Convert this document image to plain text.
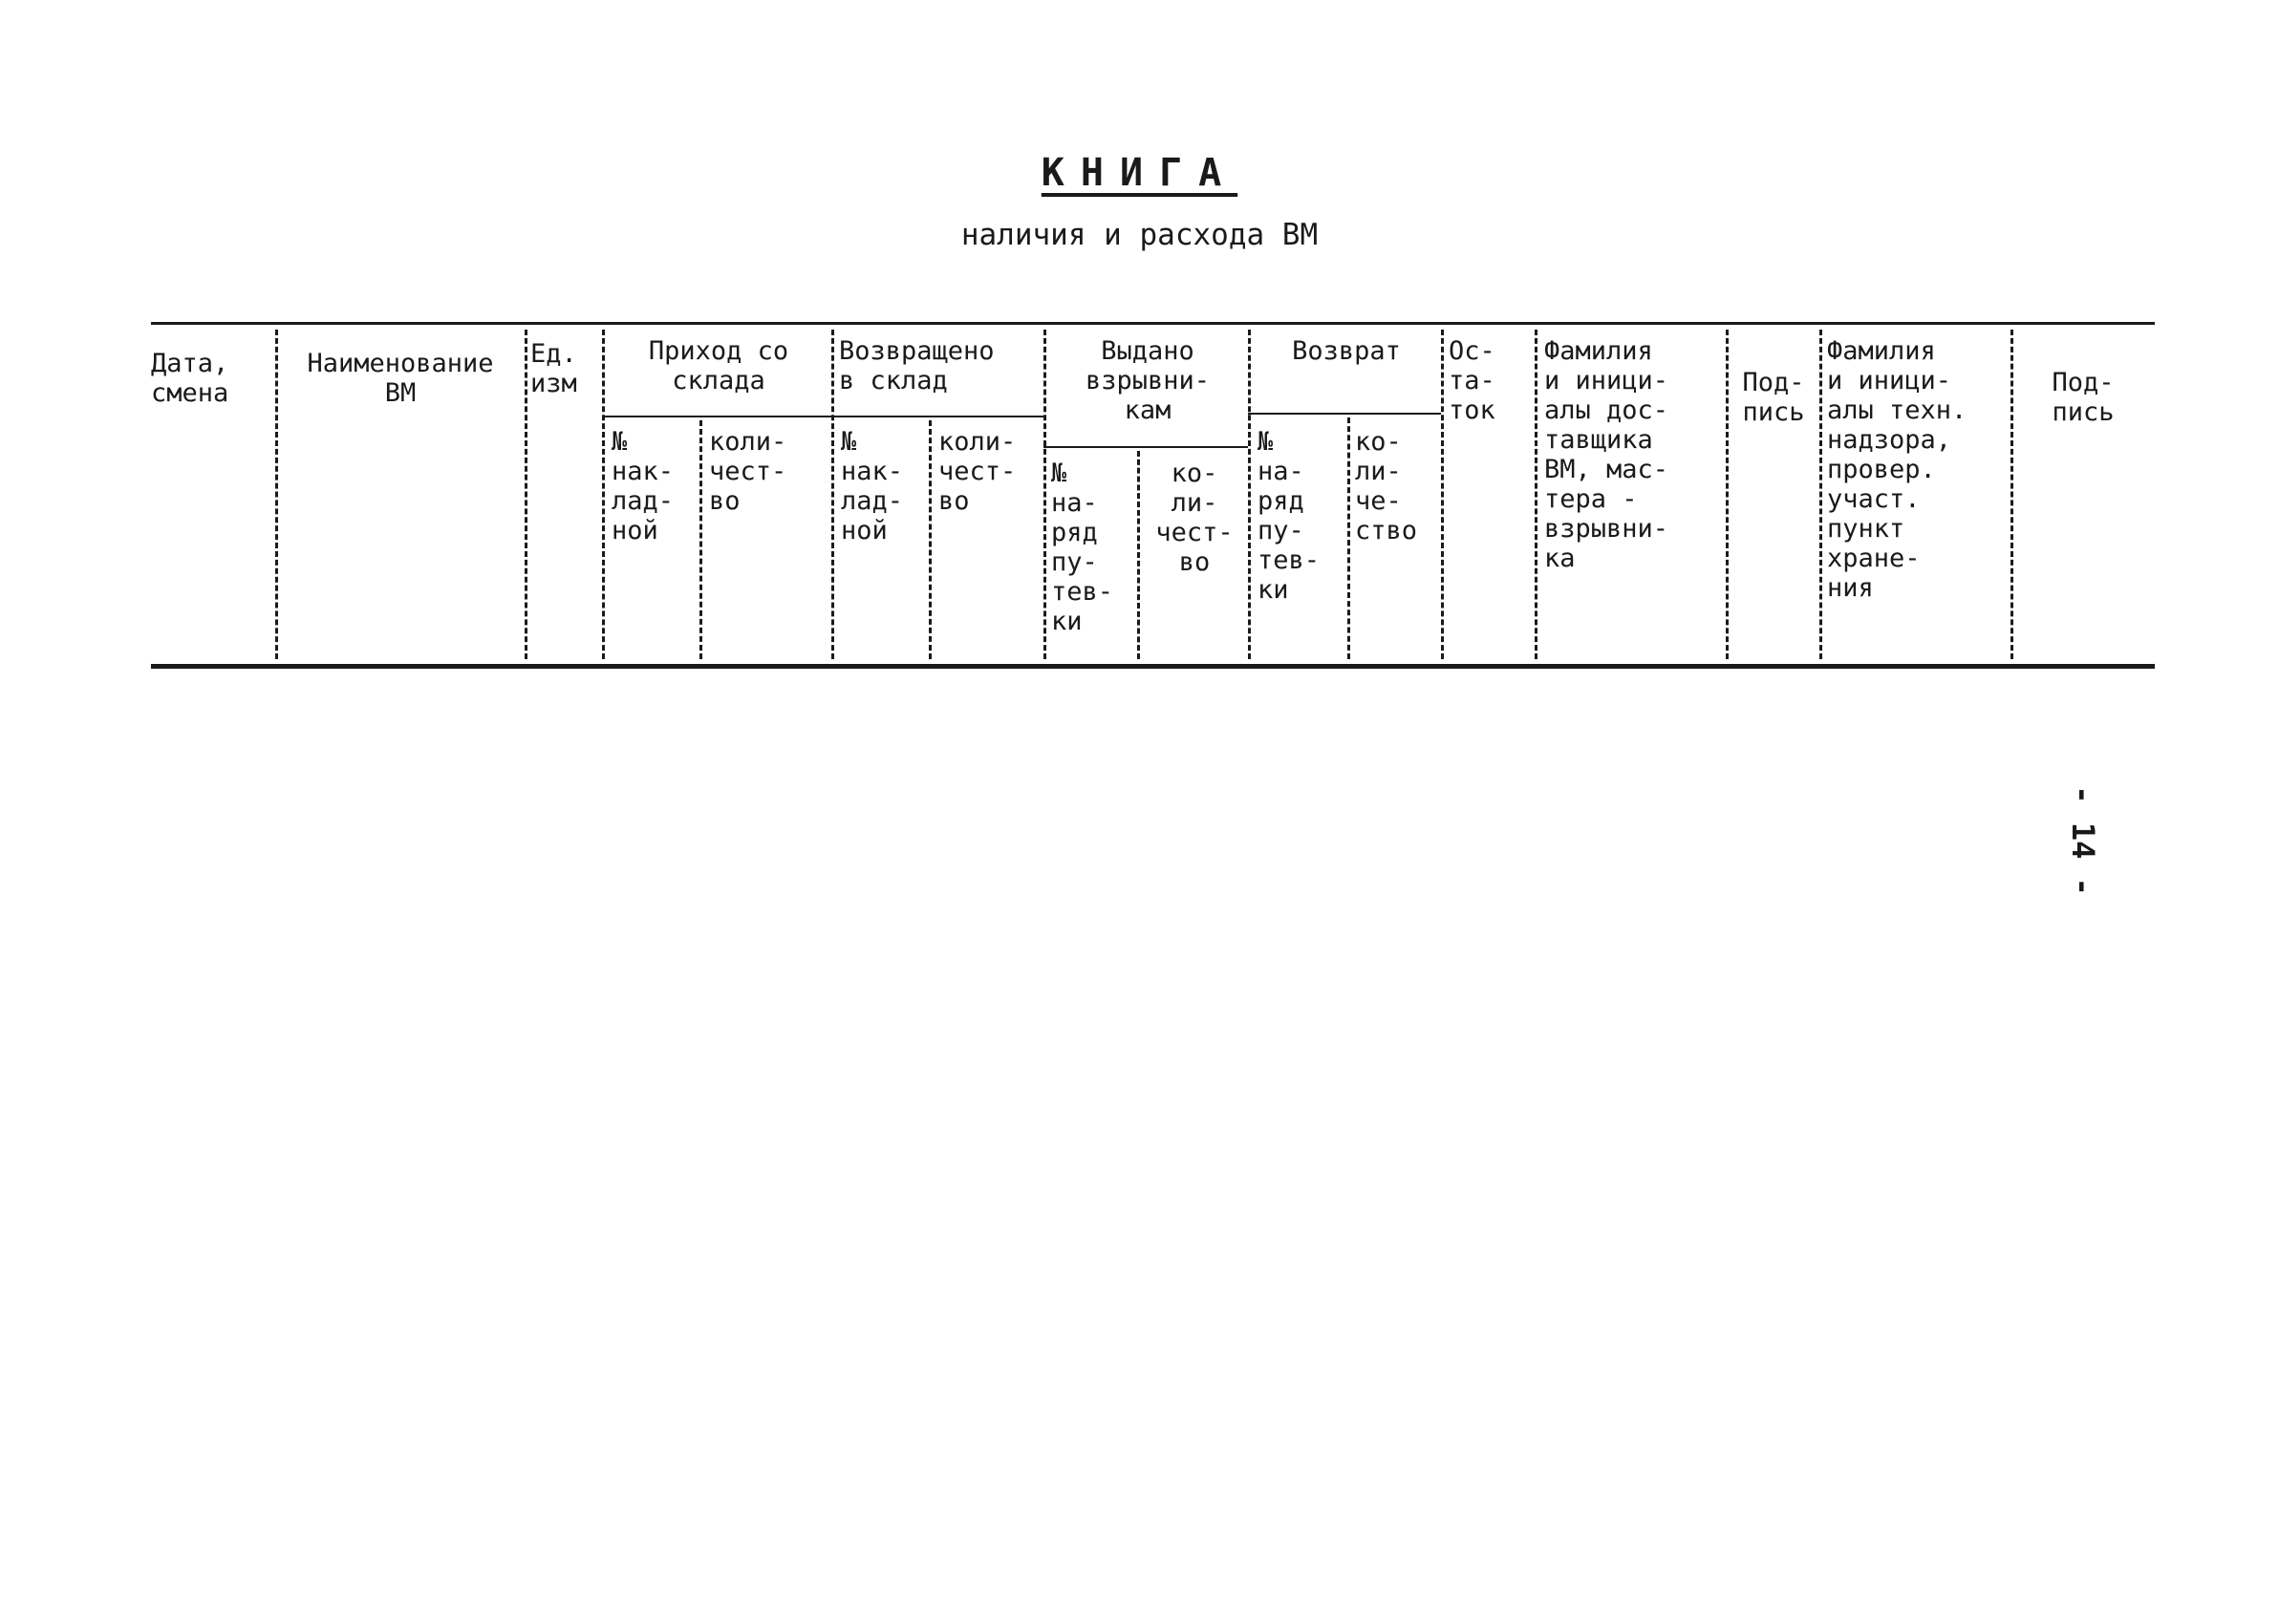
КНИГА
наличия и расхода ВМ
Дата,
смена
Наименование
ВМ
Ед.
изм
Приход со
склада
№
нак-
лад-
ной
коли-
чест-
во
Возвращено
в склад
№
нак-
лад-
ной
коли-
чест-
во
Выдано
взрывни-
кам
№
на-
ряд
пу-
тев-
ки
ко-
ли-
чест-
во
Возврат
№
на-
ряд
пу-
тев-
ки
ко-
ли-
че-
ство
Ос-
та-
ток
Фамилия
и иници-
алы дос-
тавщика
ВМ, мас-
тера -
взрывни-
ка
Под-
пись
Фамилия
и иници-
алы техн.
надзора,
провер.
участ.
пункт
хране-
ния
Под-
пись
- 14 -
